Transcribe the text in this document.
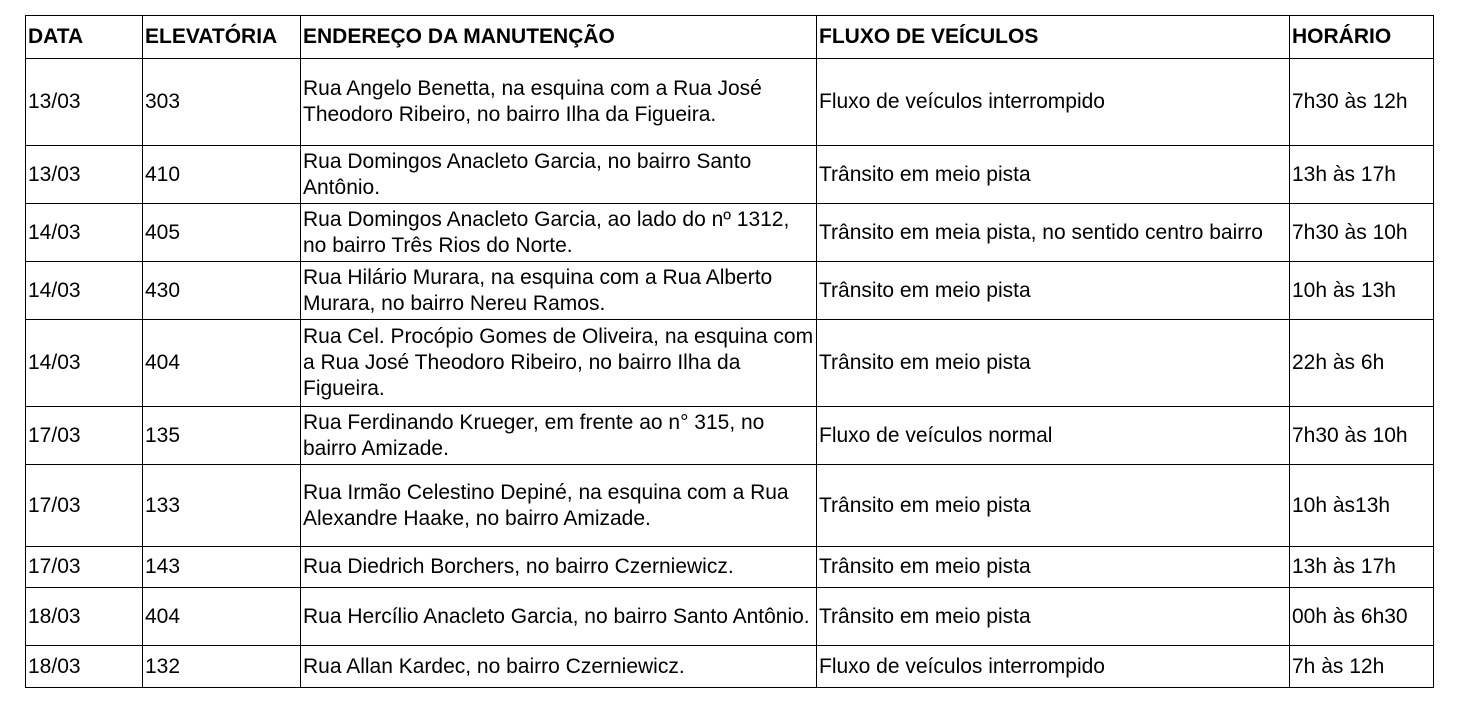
DATA	ELEVATÓRIA	ENDEREÇO DA MANUTENÇÃO	FLUXO DE VEÍCULOS	HORÁRIO
13/03	303	Rua Angelo Benetta, na esquina com a Rua José Theodoro Ribeiro, no bairro Ilha da Figueira.	Fluxo de veículos interrompido	7h30 às 12h
13/03	410	Rua Domingos Anacleto Garcia, no bairro Santo Antônio.	Trânsito em meio pista	13h às 17h
14/03	405	Rua Domingos Anacleto Garcia, ao lado do nº 1312, no bairro Três Rios do Norte.	Trânsito em meia pista, no sentido centro bairro	7h30 às 10h
14/03	430	Rua Hilário Murara, na esquina com a Rua Alberto Murara, no bairro Nereu Ramos.	Trânsito em meio pista	10h às 13h
14/03	404	Rua Cel. Procópio Gomes de Oliveira, na esquina com a Rua José Theodoro Ribeiro, no bairro Ilha da Figueira.	Trânsito em meio pista	22h às 6h
17/03	135	Rua Ferdinando Krueger, em frente ao n° 315, no bairro Amizade.	Fluxo de veículos normal	7h30 às 10h
17/03	133	Rua Irmão Celestino Depiné, na esquina com a Rua Alexandre Haake, no bairro Amizade.	Trânsito em meio pista	10h às13h
17/03	143	Rua Diedrich Borchers, no bairro Czerniewicz.	Trânsito em meio pista	13h às 17h
18/03	404	Rua Hercílio Anacleto Garcia, no bairro Santo Antônio.	Trânsito em meio pista	00h às 6h30
18/03	132	Rua Allan Kardec, no bairro Czerniewicz.	Fluxo de veículos interrompido	7h às 12h
